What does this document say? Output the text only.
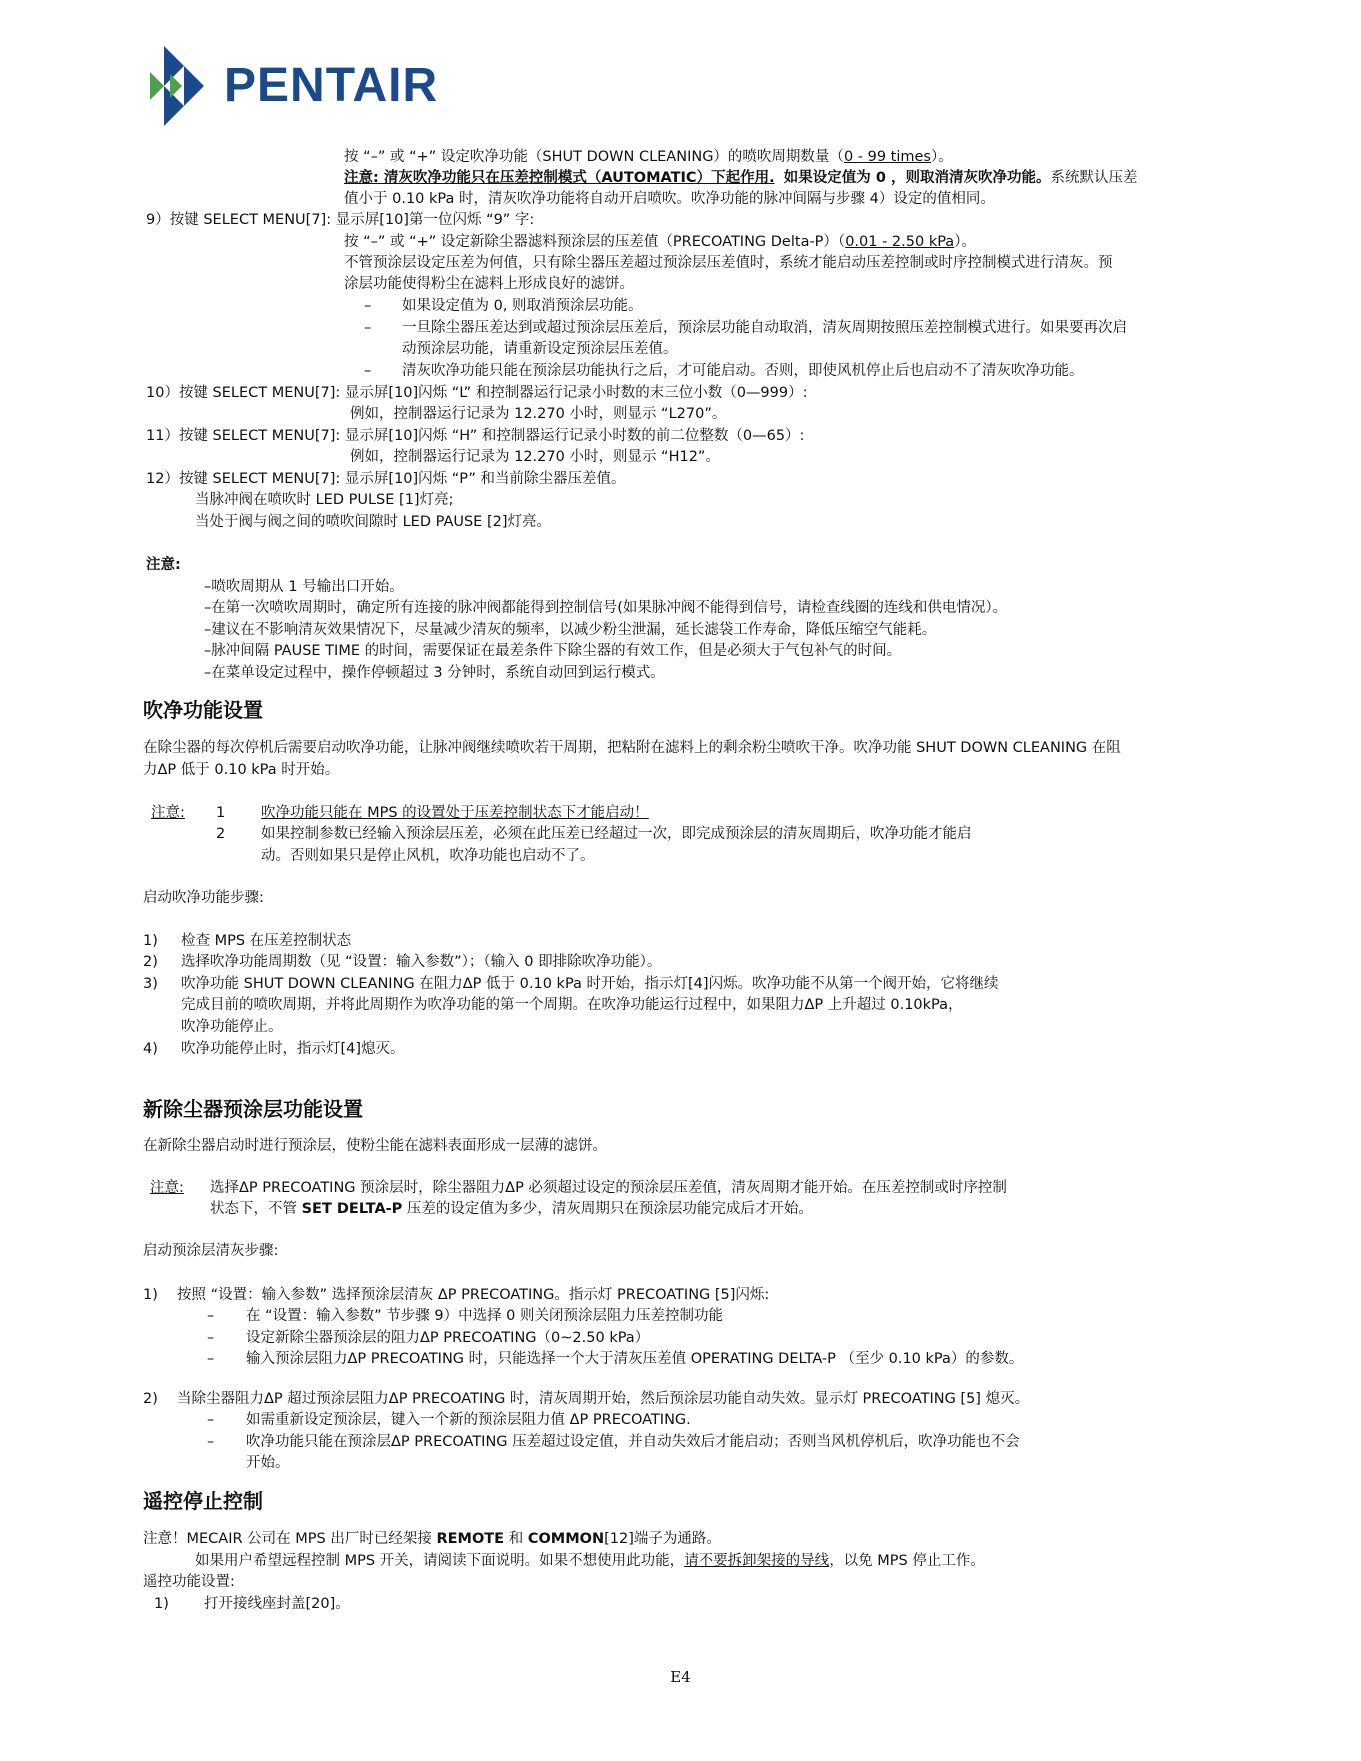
PENTAIR
按 “–” 或 “+” 设定吹净功能（SHUT DOWN CLEANING）的喷吹周期数量（0 - 99 times）。
注意: 清灰吹净功能只在压差控制模式（AUTOMATIC）下起作用. 如果设定值为 0 ，则取消清灰吹净功能。系统默认压差
值小于 0.10 kPa 时，清灰吹净功能将自动开启喷吹。吹净功能的脉冲间隔与步骤 4）设定的值相同。
9）按键 SELECT MENU[7]: 显示屏[10]第一位闪烁 “9” 字:
按 “–” 或 “+” 设定新除尘器滤料预涂层的压差值（PRECOATING Delta-P）（0.01 - 2.50 kPa）。
不管预涂层设定压差为何值，只有除尘器压差超过预涂层压差值时，系统才能启动压差控制或时序控制模式进行清灰。预
涂层功能使得粉尘在滤料上形成良好的滤饼。
– 如果设定值为 0, 则取消预涂层功能。
– 一旦除尘器压差达到或超过预涂层压差后，预涂层功能自动取消，清灰周期按照压差控制模式进行。如果要再次启
动预涂层功能，请重新设定预涂层压差值。
– 清灰吹净功能只能在预涂层功能执行之后，才可能启动。否则，即使风机停止后也启动不了清灰吹净功能。
10）按键 SELECT MENU[7]: 显示屏[10]闪烁 “L” 和控制器运行记录小时数的末三位小数（0—999）:
例如，控制器运行记录为 12.270 小时，则显示 “L270”。
11）按键 SELECT MENU[7]: 显示屏[10]闪烁 “H” 和控制器运行记录小时数的前二位整数（0—65）:
例如，控制器运行记录为 12.270 小时，则显示 “H12”。
12）按键 SELECT MENU[7]: 显示屏[10]闪烁 “P” 和当前除尘器压差值。
当脉冲阀在喷吹时 LED PULSE [1]灯亮;
当处于阀与阀之间的喷吹间隙时 LED PAUSE [2]灯亮。
注意:
–喷吹周期从 1 号输出口开始。
–在第一次喷吹周期时，确定所有连接的脉冲阀都能得到控制信号(如果脉冲阀不能得到信号，请检查线圈的连线和供电情况）。
–建议在不影响清灰效果情况下，尽量减少清灰的频率，以减少粉尘泄漏，延长滤袋工作寿命，降低压缩空气能耗。
–脉冲间隔 PAUSE TIME 的时间，需要保证在最差条件下除尘器的有效工作，但是必须大于气包补气的时间。
–在菜单设定过程中，操作停顿超过 3 分钟时，系统自动回到运行模式。
吹净功能设置
在除尘器的每次停机后需要启动吹净功能，让脉冲阀继续喷吹若干周期，把粘附在滤料上的剩余粉尘喷吹干净。吹净功能 SHUT DOWN CLEANING 在阻
力ΔP 低于 0.10 kPa 时开始。
注意: 1 吹净功能只能在 MPS 的设置处于压差控制状态下才能启动！
2 如果控制参数已经输入预涂层压差，必须在此压差已经超过一次，即完成预涂层的清灰周期后，吹净功能才能启
动。否则如果只是停止风机，吹净功能也启动不了。
启动吹净功能步骤:
1) 检查 MPS 在压差控制状态
2) 选择吹净功能周期数（见 “设置：输入参数”）；（输入 0 即排除吹净功能）。
3) 吹净功能 SHUT DOWN CLEANING 在阻力ΔP 低于 0.10 kPa 时开始，指示灯[4]闪烁。吹净功能不从第一个阀开始，它将继续
完成目前的喷吹周期，并将此周期作为吹净功能的第一个周期。在吹净功能运行过程中，如果阻力ΔP 上升超过 0.10kPa，
吹净功能停止。
4) 吹净功能停止时，指示灯[4]熄灭。
新除尘器预涂层功能设置
在新除尘器启动时进行预涂层，使粉尘能在滤料表面形成一层薄的滤饼。
注意: 选择ΔP PRECOATING 预涂层时，除尘器阻力ΔP 必须超过设定的预涂层压差值，清灰周期才能开始。在压差控制或时序控制
状态下，不管 SET DELTA-P 压差的设定值为多少，清灰周期只在预涂层功能完成后才开始。
启动预涂层清灰步骤:
1) 按照 “设置：输入参数” 选择预涂层清灰 ΔP PRECOATING。指示灯 PRECOATING [5]闪烁:
– 在 “设置：输入参数” 节步骤 9）中选择 0 则关闭预涂层阻力压差控制功能
– 设定新除尘器预涂层的阻力ΔP PRECOATING（0~2.50 kPa）
– 输入预涂层阻力ΔP PRECOATING 时，只能选择一个大于清灰压差值 OPERATING DELTA-P （至少 0.10 kPa）的参数。
2) 当除尘器阻力ΔP 超过预涂层阻力ΔP PRECOATING 时，清灰周期开始，然后预涂层功能自动失效。显示灯 PRECOATING [5] 熄灭。
– 如需重新设定预涂层，键入一个新的预涂层阻力值 ΔP PRECOATING.
– 吹净功能只能在预涂层ΔP PRECOATING 压差超过设定值，并自动失效后才能启动；否则当风机停机后，吹净功能也不会
开始。
遥控停止控制
注意！MECAIR 公司在 MPS 出厂时已经架接 REMOTE 和 COMMON[12]端子为通路。
如果用户希望远程控制 MPS 开关，请阅读下面说明。如果不想使用此功能，请不要拆卸架接的导线，以免 MPS 停止工作。
遥控功能设置:
1) 打开接线座封盖[20]。
E4
